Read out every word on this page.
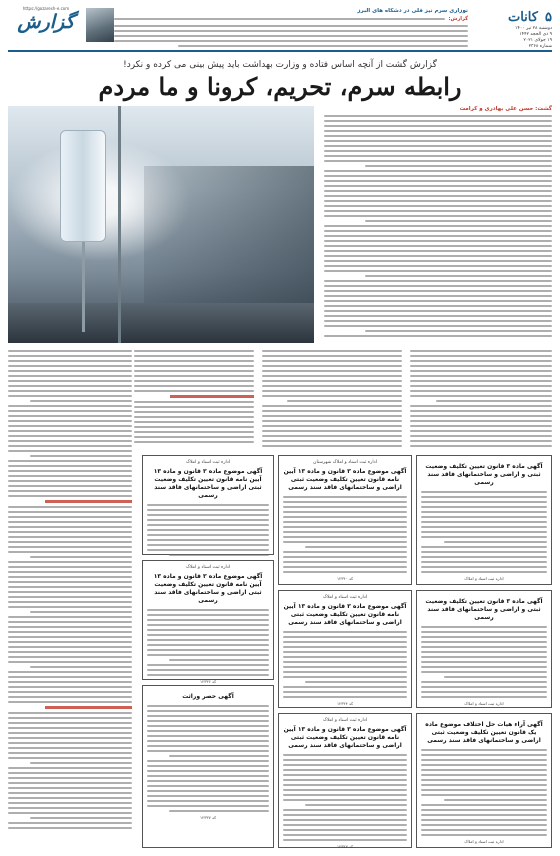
۵ کانات
دوشنبه ۲۸ تیر ۱۴۰۰
۹ ذی الحجه ۱۴۴۲
۱۹ جولای ۲۰۲۱
شماره ۲۳۶۸
نوزاری سرم نیز فلی در دشکاه های البرز
گزارش:
https://gozaresh-e.com
گزارش
گزارش گشت از آنچه اساس فتاده و وزارت بهداشت باید پیش بینی می کرده و نکرد!
رابطه سرم، تحریم، کرونا و ما مردم
گشت: حسن علی بهادری و کرامت
آگهی ماده ۳ قانون تعیین تکلیف وضعیت ثبتی و اراضی و ساختمانهای فاقد سند رسمی
اداره ثبت اسناد و املاک
آگهی ماده ۳ قانون تعیین تکلیف وضعیت ثبتی و اراضی و ساختمانهای فاقد سند رسمی
اداره ثبت اسناد و املاک
آگهی آراء هیات حل اختلاف موضوع ماده یک قانون تعیین تکلیف وضعیت ثبتی اراضی و ساختمانهای فاقد سند رسمی
اداره ثبت اسناد و املاک
اداره ثبت اسناد و املاک شهرستان
آگهی موضوع ماده ۳ قانون و ماده ۱۳ آیین نامه قانون تعیین تکلیف وضعیت ثبتی اراضی و ساختمانهای فاقد سند رسمی
کد ۱۲۳۴۰
اداره ثبت اسناد و املاک
آگهی موضوع ماده ۳ قانون و ماده ۱۳ آیین نامه قانون تعیین تکلیف وضعیت ثبتی اراضی و ساختمانهای فاقد سند رسمی
کد ۱۲۳۴۴
اداره ثبت اسناد و املاک
آگهی موضوع ماده ۳ قانون و ماده ۱۳ آیین نامه قانون تعیین تکلیف وضعیت ثبتی اراضی و ساختمانهای فاقد سند رسمی
کد ۱۲۳۴۷
اداره ثبت اسناد و املاک
آگهی موضوع ماده ۳ قانون و ماده ۱۳ آیین نامه قانون تعیین تکلیف وضعیت ثبتی اراضی و ساختمانهای فاقد سند رسمی
اداره ثبت اسناد و املاک
آگهی موضوع ماده ۳ قانون و ماده ۱۳ آیین نامه قانون تعیین تکلیف وضعیت ثبتی اراضی و ساختمانهای فاقد سند رسمی
کد ۱۲۳۳۶
آگهی حصر وراثت
کد ۱۲۳۳۷
